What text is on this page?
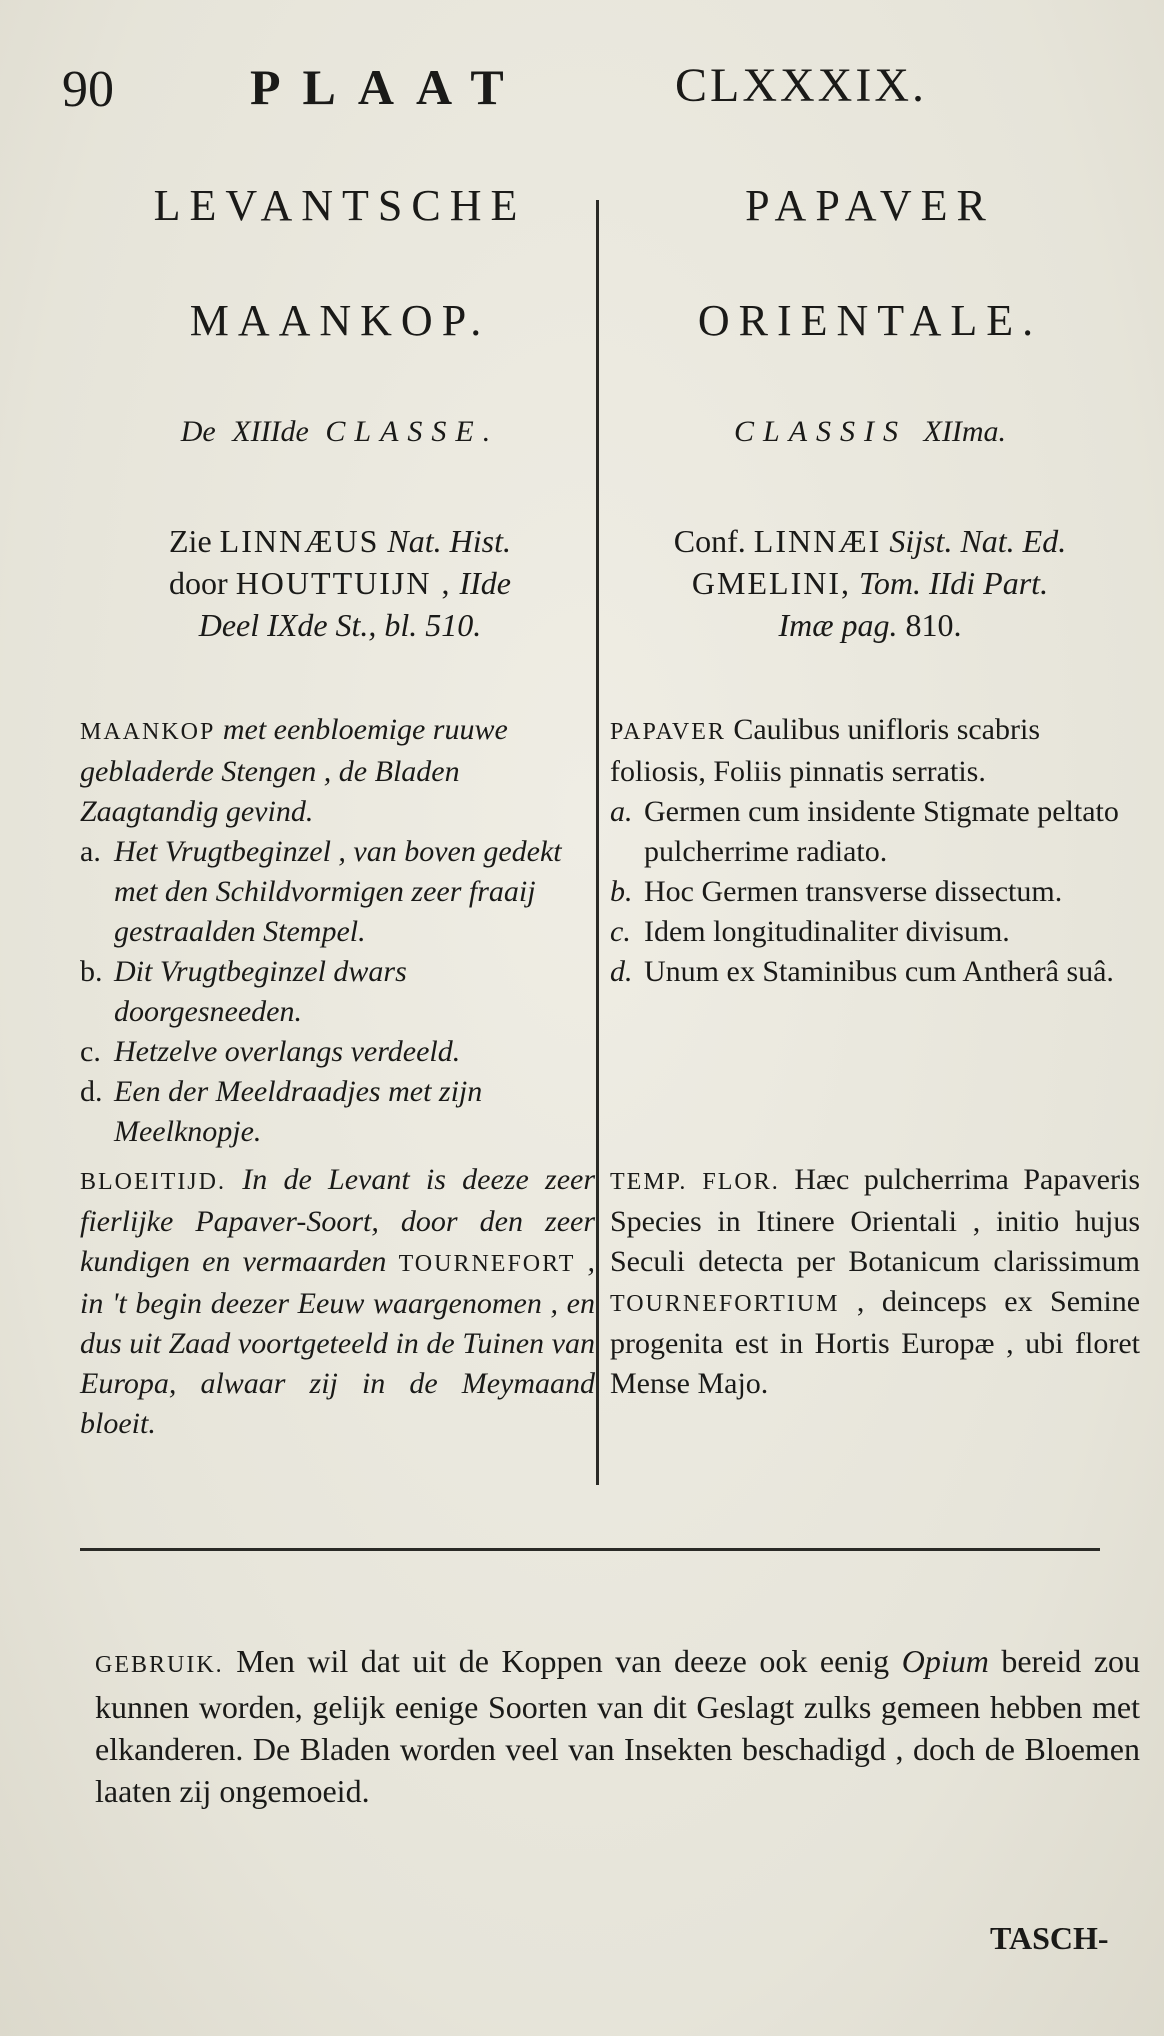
90	PLAAT	CLXXXIX.
LEVANTSCHE
MAANKOP.
De XIIIde CLASSE.
Zie LINNÆUS Nat. Hist.
door HOUTTUIJN , IIde
Deel IXde St., bl. 510.

MAANKOP met eenbloemige ruuwe gebladerde Stengen , de Bladen Zaagtandig gevind.

a. Het Vrugtbeginzel , van boven gedekt met den Schildvormigen zeer fraaij gestraalden Stempel.
b. Dit Vrugtbeginzel dwars doorgesneeden.
c. Hetzelve overlangs verdeeld.
d. Een der Meeldraadjes met zijn Meelknopje.
BLOEITIJD. In de Levant is deeze zeer fierlijke Papaver-Soort, door den zeer kundigen en vermaarden TOURNEFORT , in 't begin deezer Eeuw waargenomen , en dus uit Zaad voortgeteeld in de Tuinen van Europa, alwaar zij in de Meymaand bloeit.
PAPAVER
ORIENTALE.
CLASSIS XIIma.
Conf. LINNÆI Sijst. Nat. Ed.
GMELINI, Tom. IIdi Part.
Imæ pag. 810.

PAPAVER Caulibus unifloris scabris foliosis, Foliis pinnatis serratis.

a. Germen cum insidente Stigmate peltato pulcherrime radiato.
b. Hoc Germen transverse dissectum.
c. Idem longitudinaliter divisum.
d. Unum ex Staminibus cum Antherâ suâ.
TEMP. FLOR. Hæc pulcherrima Papaveris Species in Itinere Orientali , initio hujus Seculi detecta per Botanicum clarissimum TOURNEFORTIUM , deinceps ex Semine progenita est in Hortis Europæ , ubi floret Mense Majo.
GEBRUIK. Men wil dat uit de Koppen van deeze ook eenig Opium bereid zou kunnen worden, gelijk eenige Soorten van dit Geslagt zulks gemeen hebben met elkanderen. De Bladen worden veel van Insekten beschadigd , doch de Bloemen laaten zij ongemoeid.
TASCH-
